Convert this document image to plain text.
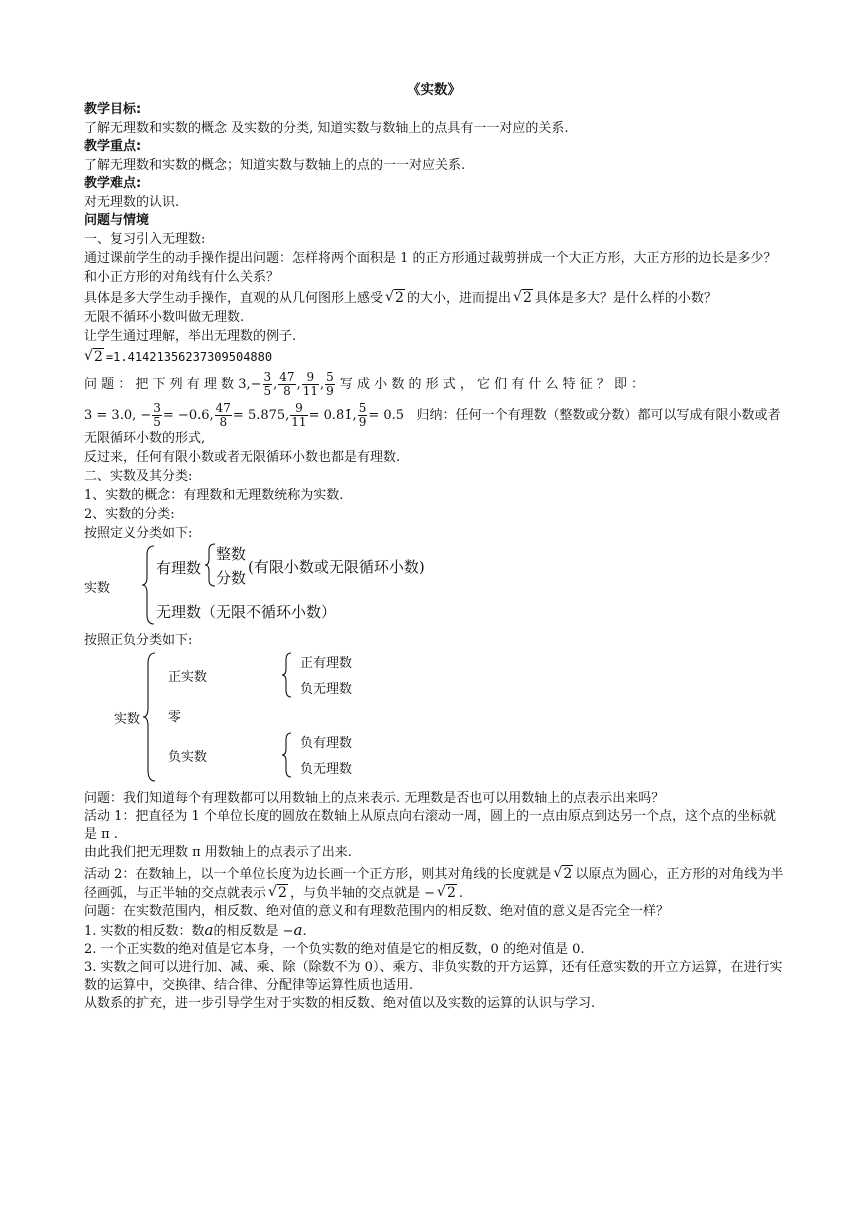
《实数》
教学目标:
了解无理数和实数的概念 及实数的分类, 知道实数与数轴上的点具有一一对应的关系.
教学重点:
了解无理数和实数的概念；知道实数与数轴上的点的一一对应关系.
教学难点:
对无理数的认识.
问题与情境
一、复习引入无理数:
通过课前学生的动手操作提出问题：怎样将两个面积是 1 的正方形通过裁剪拼成一个大正方形，大正方形的边长是多少？和小正方形的对角线有什么关系？
具体是多大学生动手操作，直观的从几何图形上感受 √ 2 的大小，进而提出 √ 2 具体是多大？是什么样的小数？
无限不循环小数叫做无理数.
让学生通过理解，举出无理数的例子.
√ 2 =1.41421356237309504880
问 题 ： 把 下 列 有 理 数 $3,- \frac{3}{5}$ , $\frac{47}{8}$ , $\frac{9}{11}$ , $\frac{5}{9}$ 写 成 小 数 的 形 式 ， 它 们 有 什 么 特 征 ？ 即 ：
3 = 3.0, − $\frac{3}{5} = -0.6$, $\frac{47}{8} = 5.875$, $\frac{9}{11}$ = 0.8̇1̇, $\frac{5}{9}$ = 0.5̇ 归纳：任何一个有理数（整数或分数）都可以写成有限小数或者无限循环小数的形式,
反过来，任何有限小数或者无限循环小数也都是有理数.
二、实数及其分类:
1、实数的概念：有理数和无理数统称为实数.
2、实数的分类:
按照定义分类如下:
实数
有理数
整数
分数
(有限小数或无限循环小数)
无理数（无限不循环小数）
按照正负分类如下:
实数
正实数
正有理数
负无理数
零
负实数
负有理数
负无理数
问题：我们知道每个有理数都可以用数轴上的点来表示. 无理数是否也可以用数轴上的点表示出来吗？
活动 1：把直径为 1 个单位长度的圆放在数轴上从原点向右滚动一周，圆上的一点由原点到达另一个点，这个点的坐标就是 π .
由此我们把无理数 π 用数轴上的点表示了出来.
活动 2：在数轴上，以一个单位长度为边长画一个正方形，则其对角线的长度就是 √ 2 以原点为圆心，正方形的对角线为半径画弧，与正半轴的交点就表示 √ 2 ，与负半轴的交点就是 − √ 2 .
问题：在实数范围内，相反数、绝对值的意义和有理数范围内的相反数、绝对值的意义是否完全一样？
1. 实数的相反数：数a的相反数是 −a.
2. 一个正实数的绝对值是它本身，一个负实数的绝对值是它的相反数，0 的绝对值是 0.
3. 实数之间可以进行加、减、乘、除（除数不为 0）、乘方、非负实数的开方运算，还有任意实数的开立方运算，在进行实数的运算中，交换律、结合律、分配律等运算性质也适用.
从数系的扩充，进一步引导学生对于实数的相反数、绝对值以及实数的运算的认识与学习.
